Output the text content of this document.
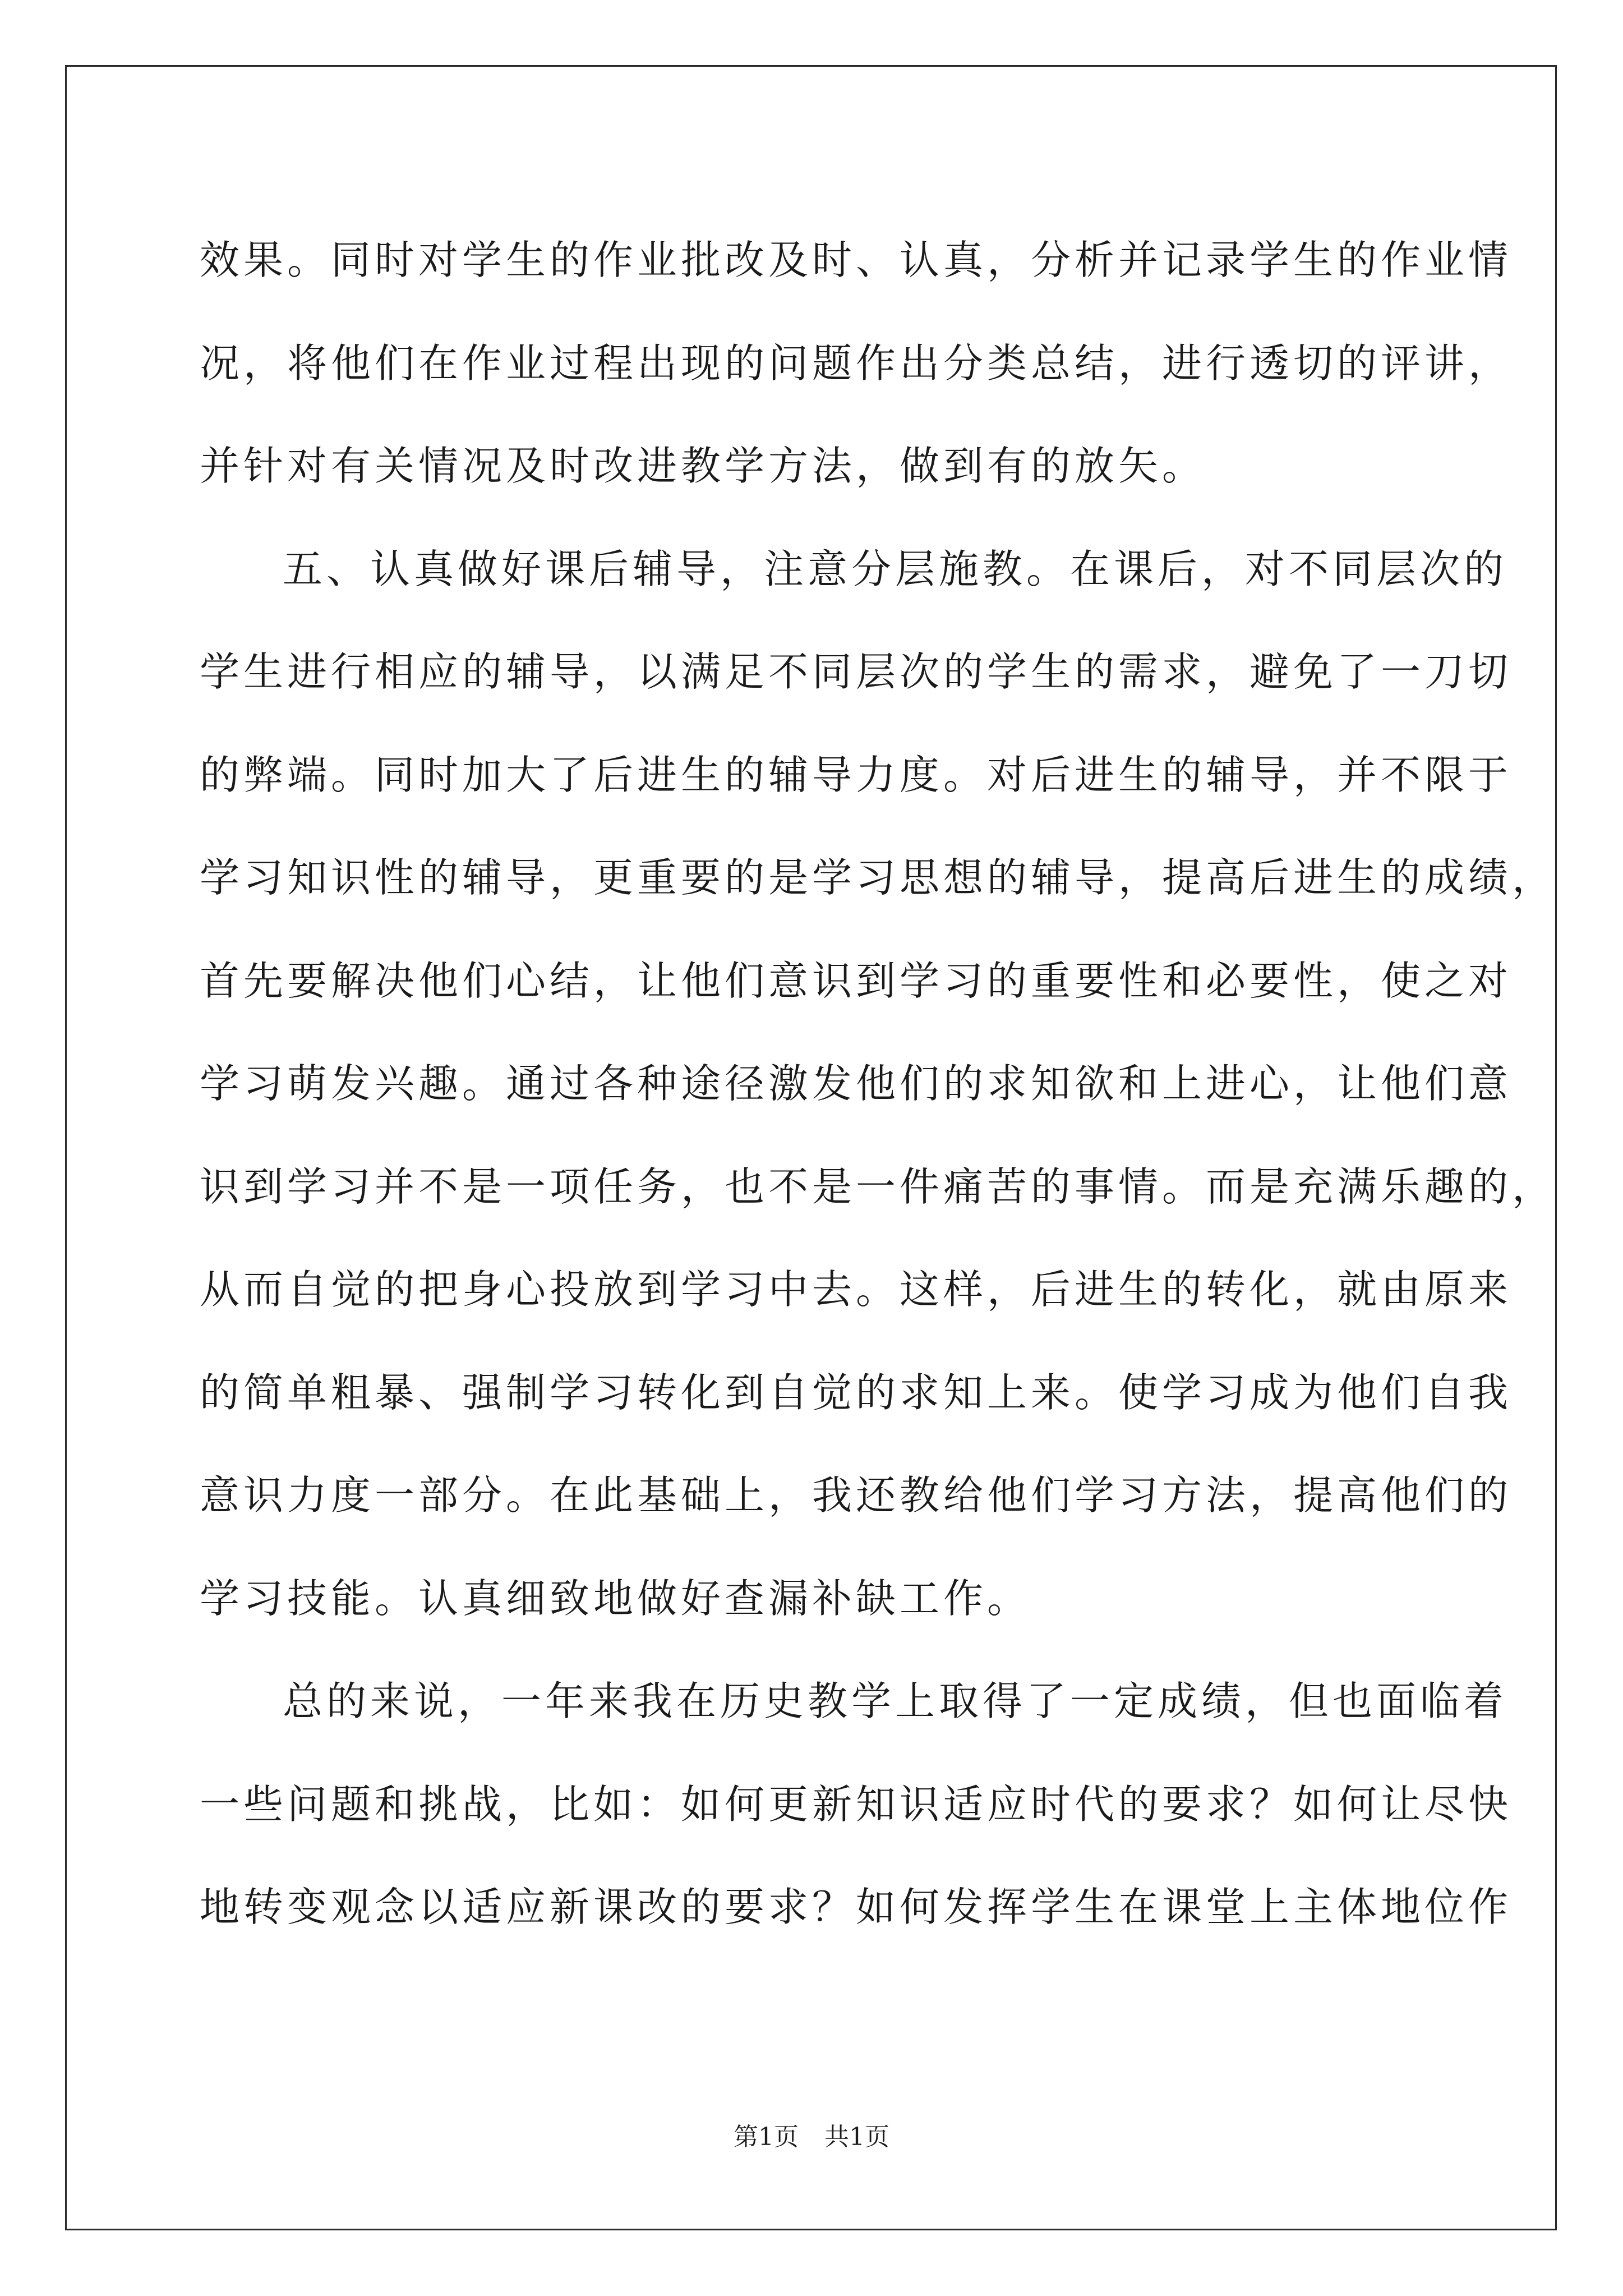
效果。同时对学生的作业批改及时、认真，分析并记录学生的作业情
况，将他们在作业过程出现的问题作出分类总结，进行透切的评讲，
并针对有关情况及时改进教学方法，做到有的放矢。
五、认真做好课后辅导，注意分层施教。在课后，对不同层次的
学生进行相应的辅导，以满足不同层次的学生的需求，避免了一刀切
的弊端。同时加大了后进生的辅导力度。对后进生的辅导，并不限于
学习知识性的辅导，更重要的是学习思想的辅导，提高后进生的成绩，
首先要解决他们心结，让他们意识到学习的重要性和必要性，使之对
学习萌发兴趣。通过各种途径激发他们的求知欲和上进心，让他们意
识到学习并不是一项任务，也不是一件痛苦的事情。而是充满乐趣的，
从而自觉的把身心投放到学习中去。这样，后进生的转化，就由原来
的简单粗暴、强制学习转化到自觉的求知上来。使学习成为他们自我
意识力度一部分。在此基础上，我还教给他们学习方法，提高他们的
学习技能。认真细致地做好查漏补缺工作。
总的来说，一年来我在历史教学上取得了一定成绩，但也面临着
一些问题和挑战，比如：如何更新知识适应时代的要求？如何让尽快
地转变观念以适应新课改的要求？如何发挥学生在课堂上主体地位作
第1页 共1页
